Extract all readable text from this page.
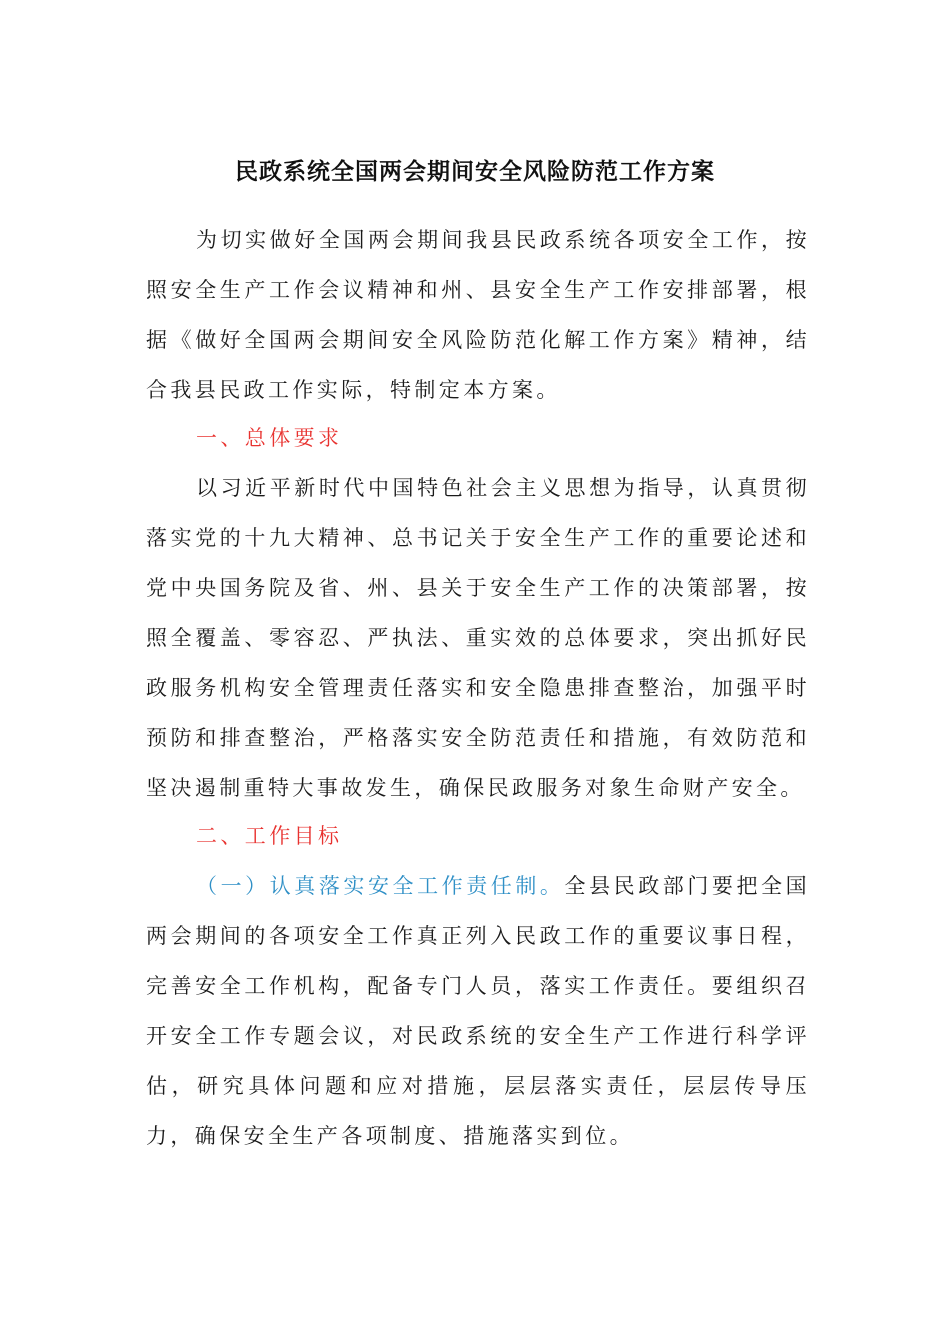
民政系统全国两会期间安全风险防范工作方案

为切实做好全国两会期间我县民政系统各项安全工作，按照安全生产工作会议精神和州、县安全生产工作安排部署，根据《做好全国两会期间安全风险防范化解工作方案》精神，结合我县民政工作实际，特制定本方案。

一、总体要求

以习近平新时代中国特色社会主义思想为指导，认真贯彻落实党的十九大精神、总书记关于安全生产工作的重要论述和党中央国务院及省、州、县关于安全生产工作的决策部署，按照全覆盖、零容忍、严执法、重实效的总体要求，突出抓好民政服务机构安全管理责任落实和安全隐患排查整治，加强平时预防和排查整治，严格落实安全防范责任和措施，有效防范和坚决遏制重特大事故发生，确保民政服务对象生命财产安全。

二、工作目标

（一）认真落实安全工作责任制。全县民政部门要把全国两会期间的各项安全工作真正列入民政工作的重要议事日程，完善安全工作机构，配备专门人员，落实工作责任。要组织召开安全工作专题会议，对民政系统的安全生产工作进行科学评估，研究具体问题和应对措施，层层落实责任，层层传导压力，确保安全生产各项制度、措施落实到位。
